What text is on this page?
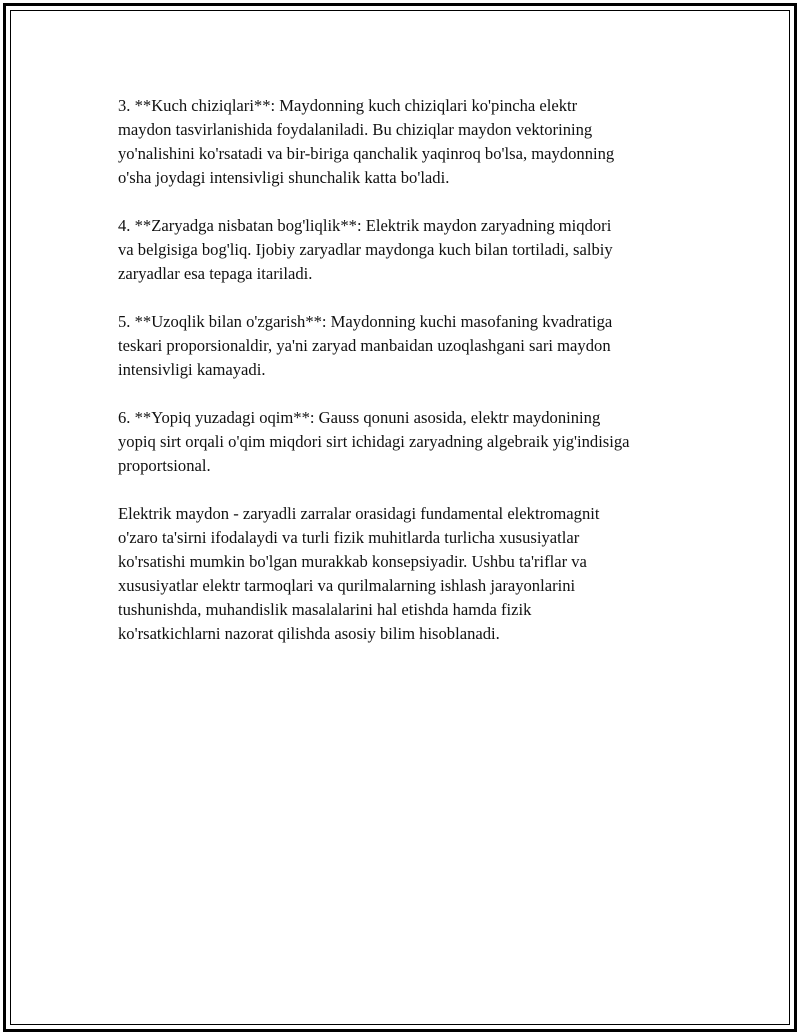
3. **Kuch chiziqlari**: Maydonning kuch chiziqlari ko'pincha elektr
maydon tasvirlanishida foydalaniladi. Bu chiziqlar maydon vektorining
yo'nalishini ko'rsatadi va bir-biriga qanchalik yaqinroq bo'lsa, maydonning
o'sha joydagi intensivligi shunchalik katta bo'ladi.

4. **Zaryadga nisbatan bog'liqlik**: Elektrik maydon zaryadning miqdori
va belgisiga bog'liq. Ijobiy zaryadlar maydonga kuch bilan tortiladi, salbiy
zaryadlar esa tepaga itariladi.

5. **Uzoqlik bilan o'zgarish**: Maydonning kuchi masofaning kvadratiga
teskari proporsionaldir, ya'ni zaryad manbaidan uzoqlashgani sari maydon
intensivligi kamayadi.

6. **Yopiq yuzadagi oqim**: Gauss qonuni asosida, elektr maydonining
yopiq sirt orqali o'qim miqdori sirt ichidagi zaryadning algebraik yig'indisiga
proportsional.

Elektrik maydon - zaryadli zarralar orasidagi fundamental elektromagnit
o'zaro ta'sirni ifodalaydi va turli fizik muhitlarda turlicha xususiyatlar
ko'rsatishi mumkin bo'lgan murakkab konsepsiyadir. Ushbu ta'riflar va
xususiyatlar elektr tarmoqlari va qurilmalarning ishlash jarayonlarini
tushunishda, muhandislik masalalarini hal etishda hamda fizik
ko'rsatkichlarni nazorat qilishda asosiy bilim hisoblanadi.
